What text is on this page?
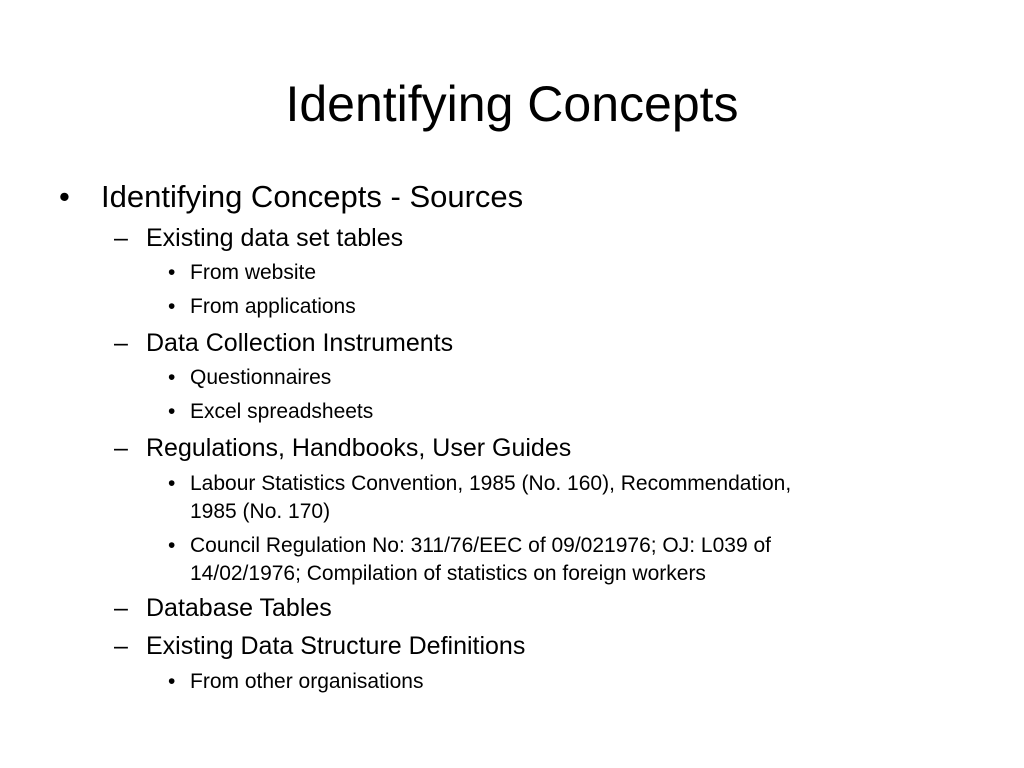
Identifying Concepts
• Identifying Concepts - Sources
– Existing data set tables
• From website
• From applications
– Data Collection Instruments
• Questionnaires
• Excel spreadsheets
– Regulations, Handbooks, User Guides
• Labour Statistics Convention, 1985 (No. 160), Recommendation,
1985 (No. 170)
• Council Regulation No: 311/76/EEC of 09/021976; OJ: L039 of
14/02/1976; Compilation of statistics on foreign workers
– Database Tables
– Existing Data Structure Definitions
• From other organisations
